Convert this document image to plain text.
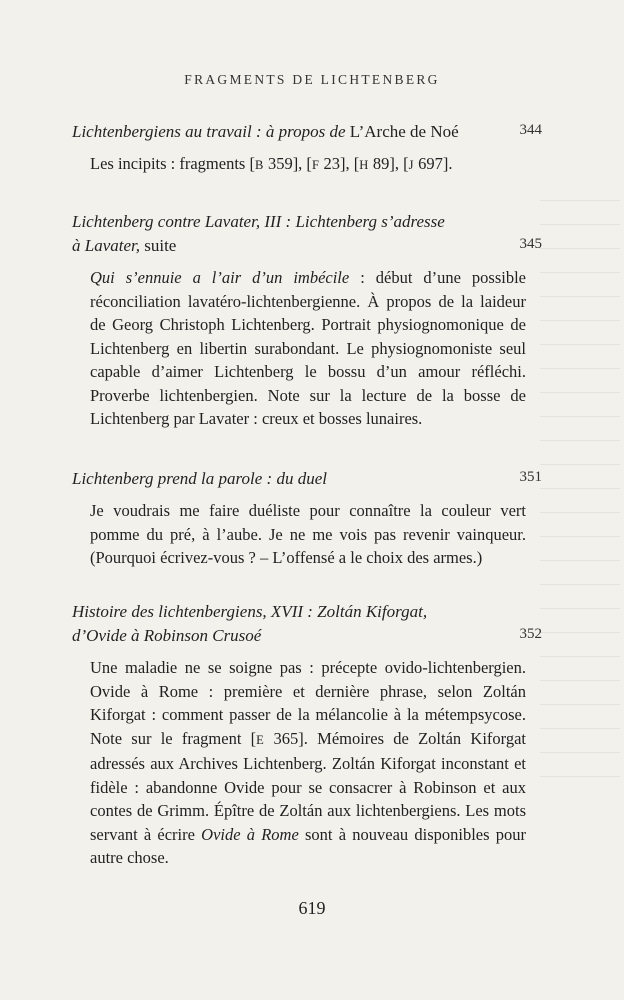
FRAGMENTS DE LICHTENBERG
344
Lichtenbergiens au travail : à propos de L’Arche de Noé
Les incipits : fragments [B 359], [F 23], [H 89], [J 697].
345
Lichtenberg contre Lavater, III : Lichtenberg s’adresse à Lavater, suite
Qui s’ennuie a l’air d’un imbécile : début d’une possible réconciliation lavatéro-lichtenbergienne. À propos de la laideur de Georg Christoph Lichtenberg. Portrait physiognomonique de Lichtenberg en libertin surabondant. Le physiognomoniste seul capable d’aimer Lichtenberg le bossu d’un amour réfléchi. Proverbe lichtenbergien. Note sur la lecture de la bosse de Lichtenberg par Lavater : creux et bosses lunaires.
351
Lichtenberg prend la parole : du duel
Je voudrais me faire duéliste pour connaître la couleur vert pomme du pré, à l’aube. Je ne me vois pas revenir vainqueur. (Pourquoi écrivez-vous ? – L’offensé a le choix des armes.)
352
Histoire des lichtenbergiens, XVII : Zoltán Kiforgat, d’Ovide à Robinson Crusoé
Une maladie ne se soigne pas : précepte ovido-lichtenbergien. Ovide à Rome : première et dernière phrase, selon Zoltán Kiforgat : comment passer de la mélancolie à la métempsycose. Note sur le fragment [E 365]. Mémoires de Zoltán Kiforgat adressés aux Archives Lichtenberg. Zoltán Kiforgat inconstant et fidèle : abandonne Ovide pour se consacrer à Robinson et aux contes de Grimm. Épître de Zoltán aux lichtenbergiens. Les mots servant à écrire Ovide à Rome sont à nouveau disponibles pour autre chose.
619
